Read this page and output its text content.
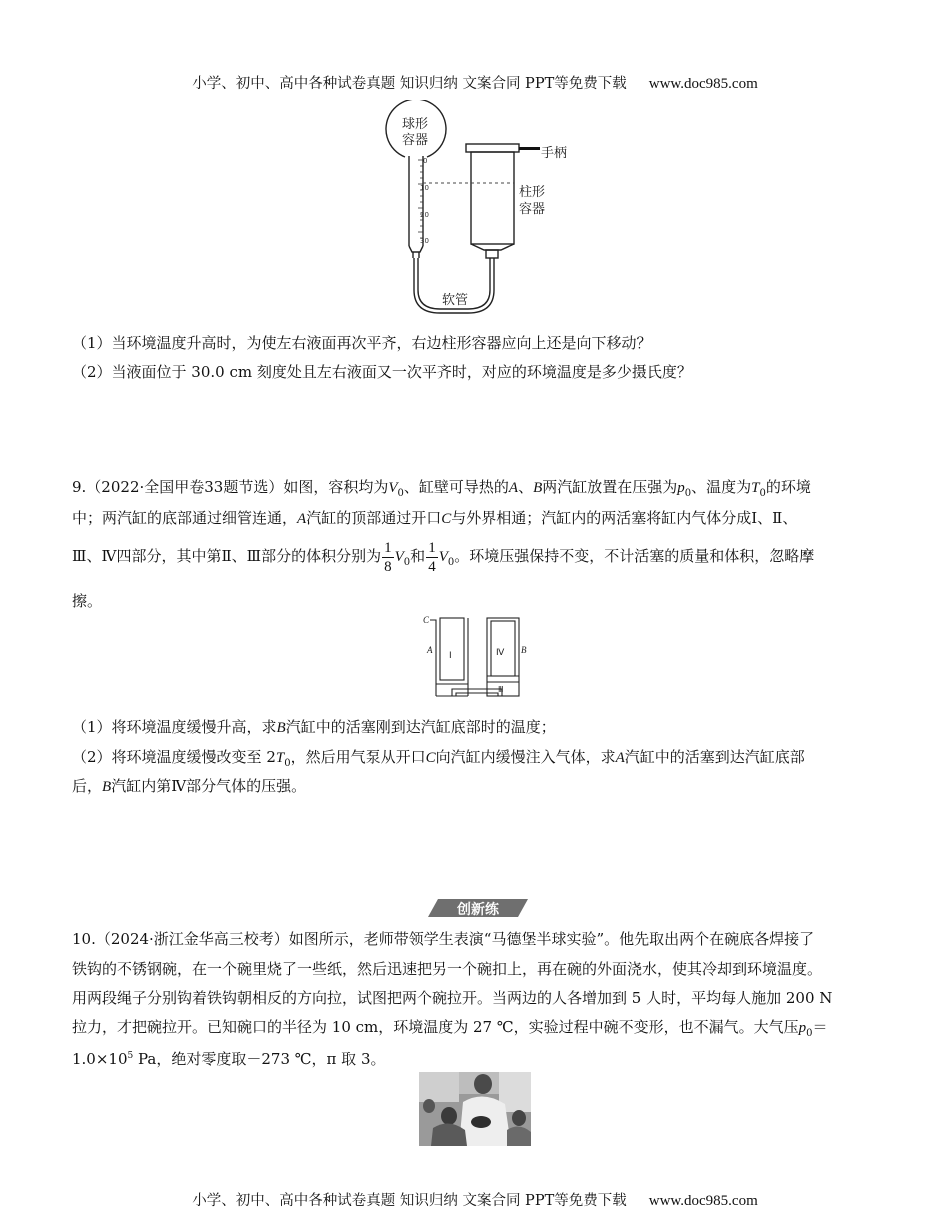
小学、初中、高中各种试卷真题 知识归纳 文案合同 PPT等免费下载 www.doc985.com
0
10
20
30
球形
容器
手柄
柱形
容器
软管
（1）当环境温度升高时，为使左右液面再次平齐，右边柱形容器应向上还是向下移动？
（2）当液面位于 30.0 cm 刻度处且左右液面又一次平齐时，对应的环境温度是多少摄氏度？
9.（2022·全国甲卷33题节选）如图，容积均为$V_0$、缸壁可导热的A、B两汽缸放置在压强为$p_0$、温度为$T_0$的环境
中；两汽缸的底部通过细管连通，A汽缸的顶部通过开口C与外界相通；汽缸内的两活塞将缸内气体分成Ⅰ、Ⅱ、
Ⅲ、Ⅳ四部分，其中第Ⅱ、Ⅲ部分的体积分别为 $\frac{1}{8} V_0$和 $\frac{1}{4} V_0$。环境压强保持不变，不计活塞的质量和体积，忽略摩
擦。
C
A	B
Ⅰ	Ⅳ
Ⅲ
（1）将环境温度缓慢升高，求B汽缸中的活塞刚到达汽缸底部时的温度；
（2）将环境温度缓慢改变至 $2T_0$，然后用气泵从开口C向汽缸内缓慢注入气体，求A汽缸中的活塞到达汽缸底部
后，B汽缸内第Ⅳ部分气体的压强。
创新练
10.（2024·浙江金华高三校考）如图所示，老师带领学生表演“马德堡半球实验”。他先取出两个在碗底各焊接了
铁钩的不锈钢碗，在一个碗里烧了一些纸，然后迅速把另一个碗扣上，再在碗的外面浇水，使其冷却到环境温度。
用两段绳子分别钩着铁钩朝相反的方向拉，试图把两个碗拉开。当两边的人各增加到 5 人时，平均每人施加 200 N
拉力，才把碗拉开。已知碗口的半径为 10 cm，环境温度为 27 ℃，实验过程中碗不变形，也不漏气。大气压$p_0=$
$1.0\times 10^5$ Pa，绝对零度取－273 ℃，π 取 3。
小学、初中、高中各种试卷真题 知识归纳 文案合同 PPT等免费下载 www.doc985.com
